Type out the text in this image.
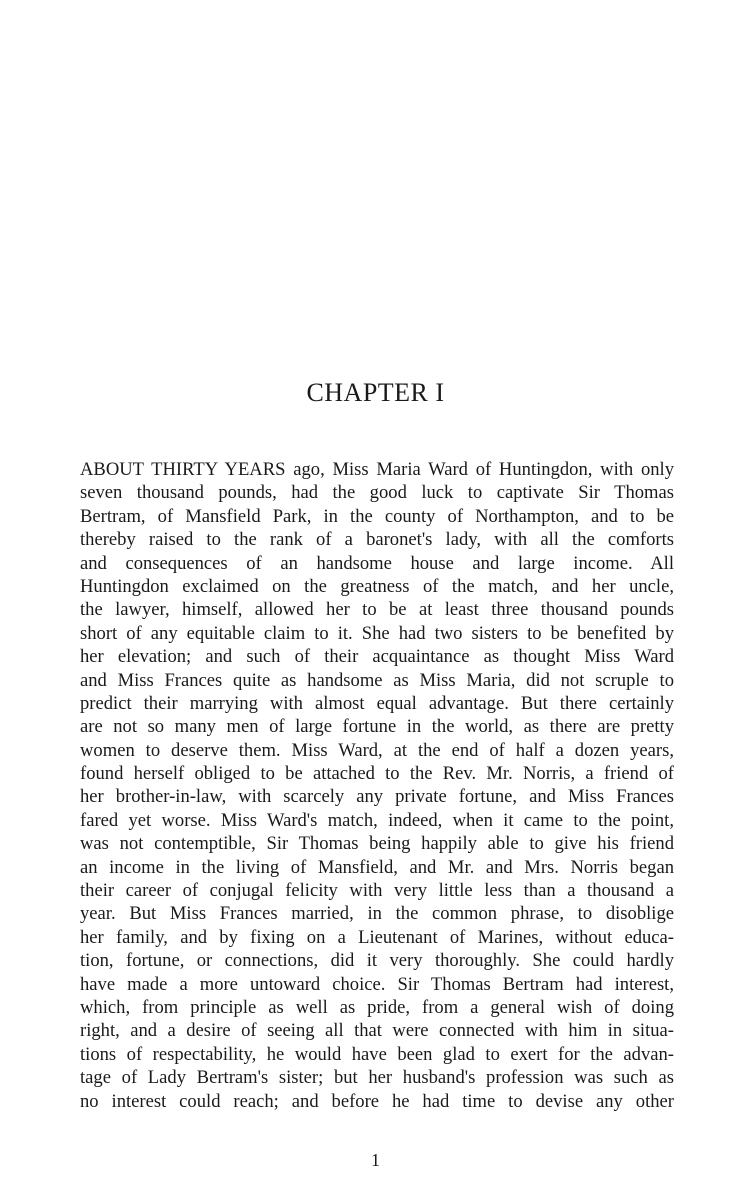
CHAPTER I
ABOUT THIRTY YEARS ago, Miss Maria Ward of Huntingdon, with only
seven thousand pounds, had the good luck to captivate Sir Thomas
Bertram, of Mansfield Park, in the county of Northampton, and to be
thereby raised to the rank of a baronet's lady, with all the comforts
and consequences of an handsome house and large income. All
Huntingdon exclaimed on the greatness of the match, and her uncle,
the lawyer, himself, allowed her to be at least three thousand pounds
short of any equitable claim to it. She had two sisters to be benefited by
her elevation; and such of their acquaintance as thought Miss Ward
and Miss Frances quite as handsome as Miss Maria, did not scruple to
predict their marrying with almost equal advantage. But there certainly
are not so many men of large fortune in the world, as there are pretty
women to deserve them. Miss Ward, at the end of half a dozen years,
found herself obliged to be attached to the Rev. Mr. Norris, a friend of
her brother-in-law, with scarcely any private fortune, and Miss Frances
fared yet worse. Miss Ward's match, indeed, when it came to the point,
was not contemptible, Sir Thomas being happily able to give his friend
an income in the living of Mansfield, and Mr. and Mrs. Norris began
their career of conjugal felicity with very little less than a thousand a
year. But Miss Frances married, in the common phrase, to disoblige
her family, and by fixing on a Lieutenant of Marines, without educa-
tion, fortune, or connections, did it very thoroughly. She could hardly
have made a more untoward choice. Sir Thomas Bertram had interest,
which, from principle as well as pride, from a general wish of doing
right, and a desire of seeing all that were connected with him in situa-
tions of respectability, he would have been glad to exert for the advan-
tage of Lady Bertram's sister; but her husband's profession was such as
no interest could reach; and before he had time to devise any other

1
